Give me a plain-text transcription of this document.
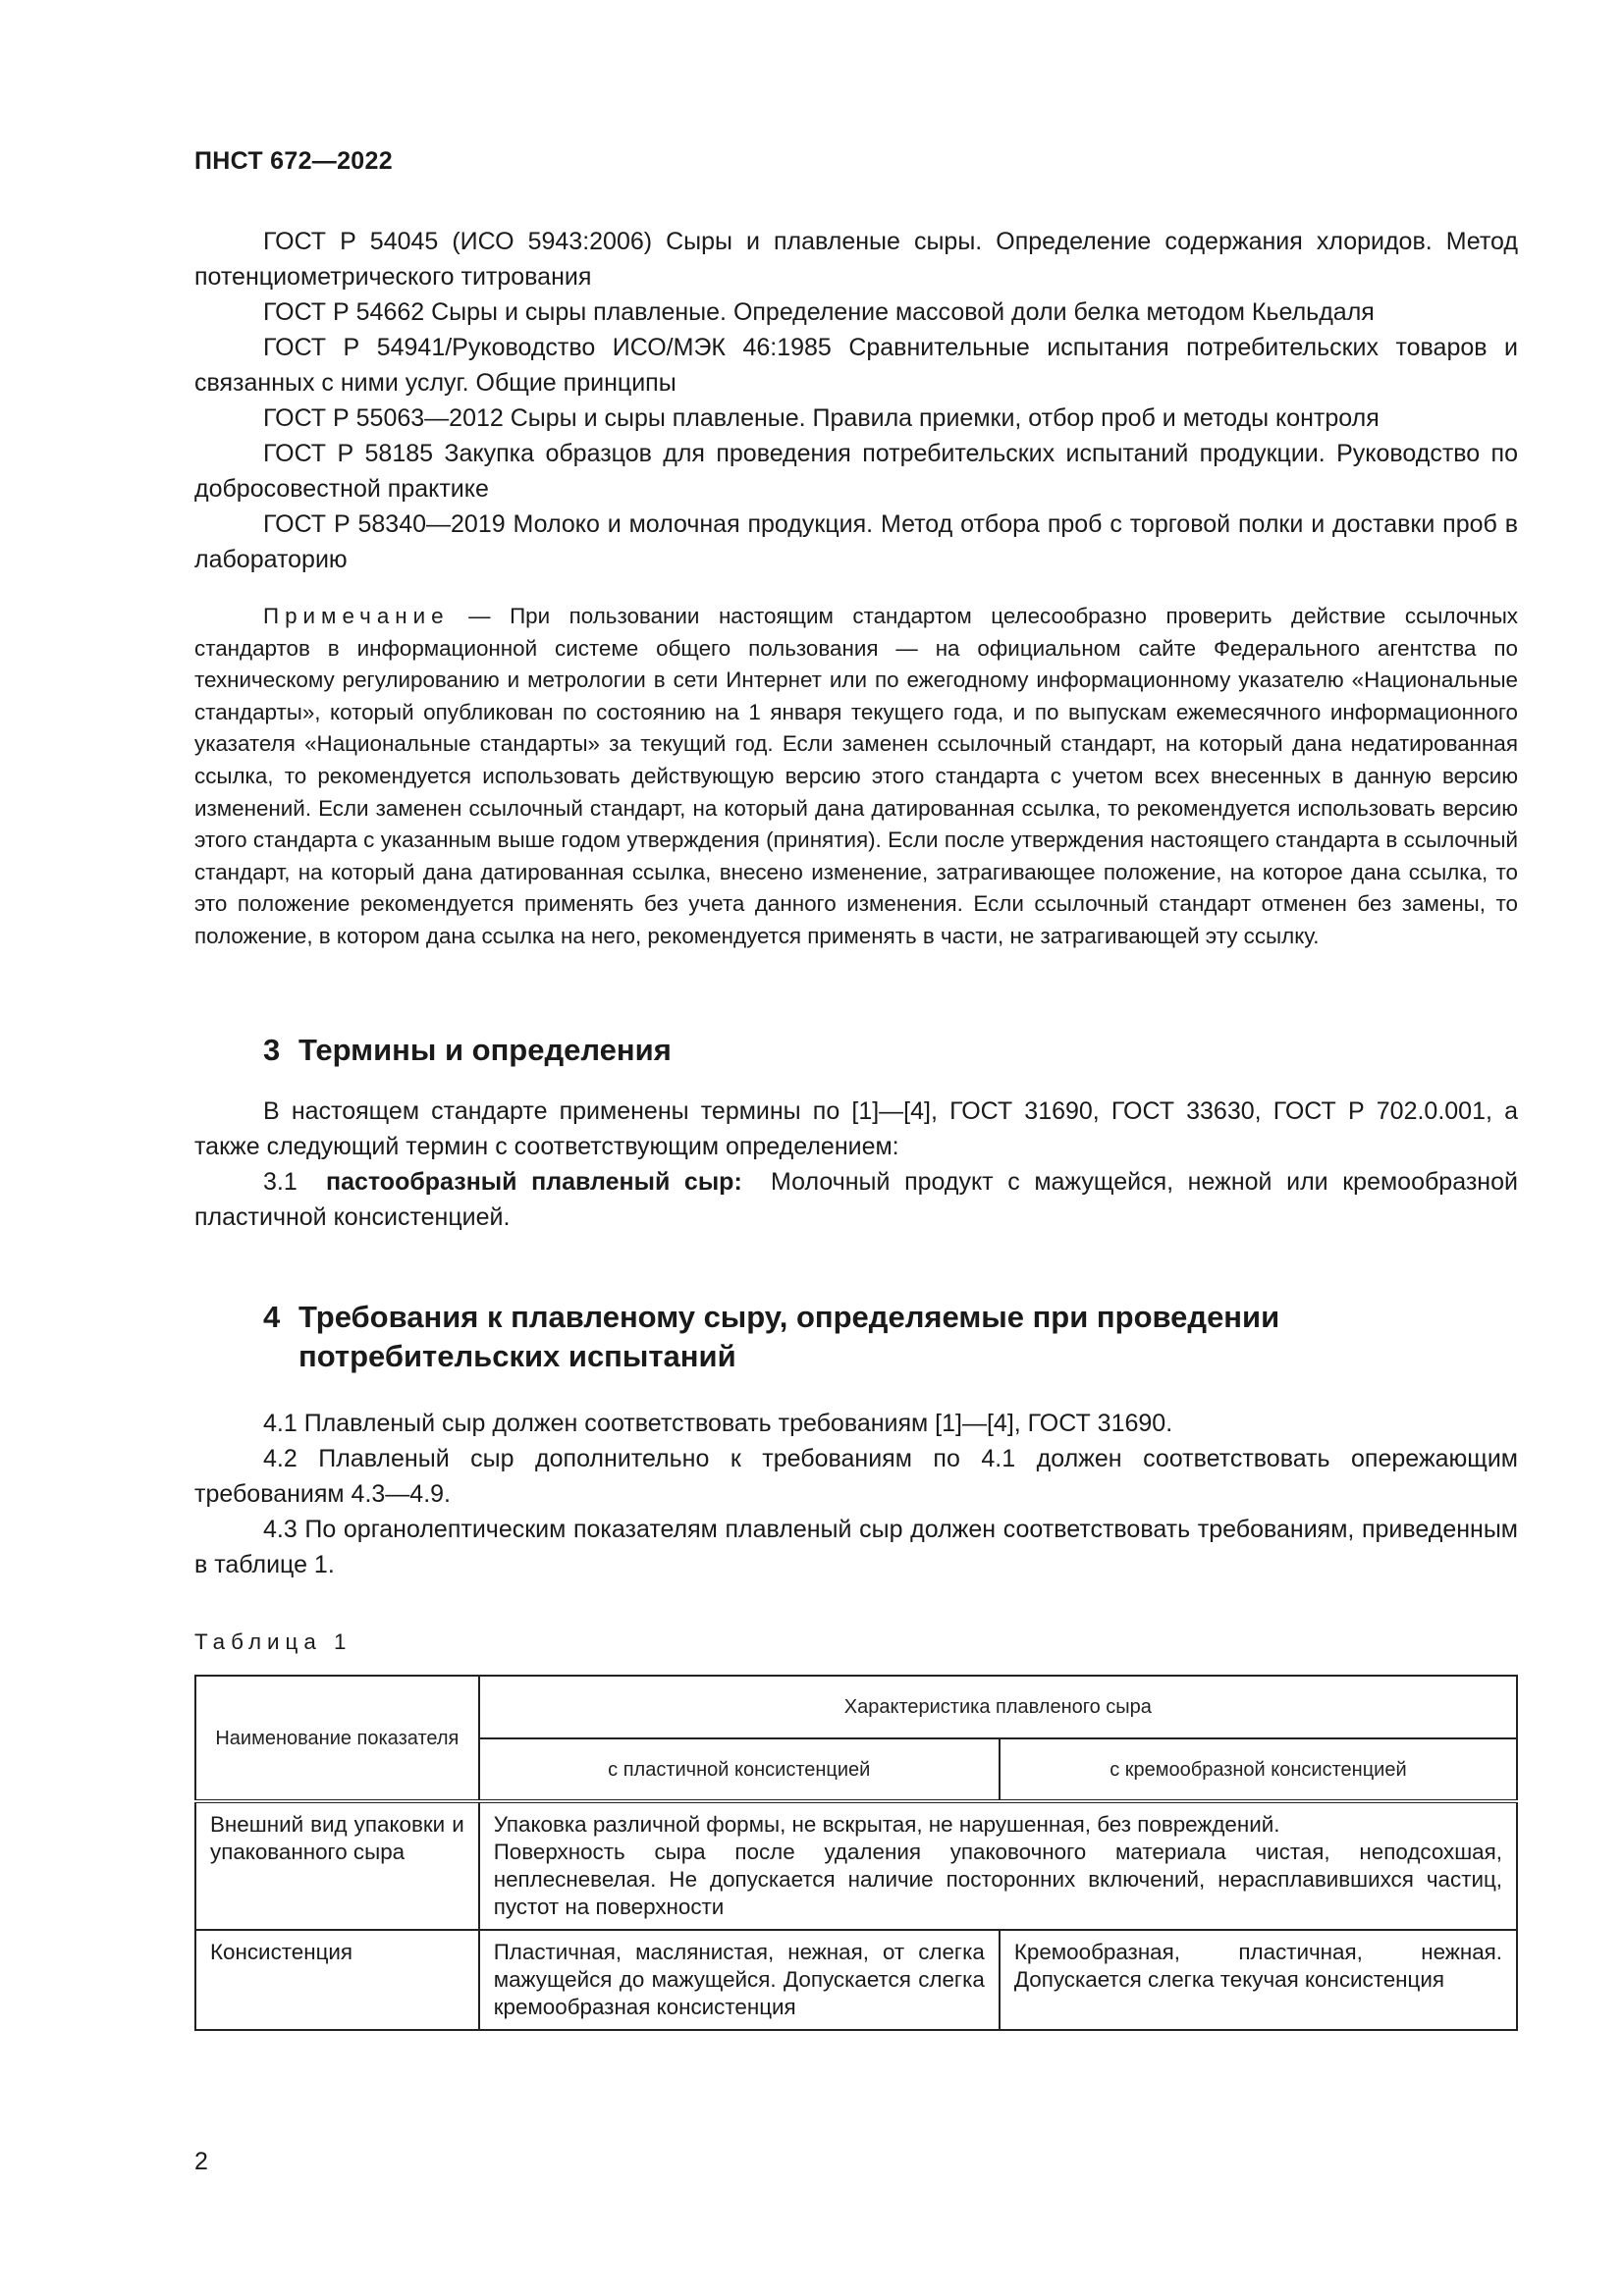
ПНСТ 672—2022

ГОСТ Р 54045 (ИСО 5943:2006) Сыры и плавленые сыры. Определение содержания хлоридов. Метод потенциометрического титрования

ГОСТ Р 54662 Сыры и сыры плавленые. Определение массовой доли белка методом Кьельдаля

ГОСТ Р 54941/Руководство ИСО/МЭК 46:1985 Сравнительные испытания потребительских товаров и связанных с ними услуг. Общие принципы

ГОСТ Р 55063—2012 Сыры и сыры плавленые. Правила приемки, отбор проб и методы контроля

ГОСТ Р 58185 Закупка образцов для проведения потребительских испытаний продукции. Руководство по добросовестной практике

ГОСТ Р 58340—2019 Молоко и молочная продукция. Метод отбора проб с торговой полки и доставки проб в лабораторию

Примечание — При пользовании настоящим стандартом целесообразно проверить действие ссылочных стандартов в информационной системе общего пользования — на официальном сайте Федерального агентства по техническому регулированию и метрологии в сети Интернет или по ежегодному информационному указателю «Национальные стандарты», который опубликован по состоянию на 1 января текущего года, и по выпускам ежемесячного информационного указателя «Национальные стандарты» за текущий год. Если заменен ссылочный стандарт, на который дана недатированная ссылка, то рекомендуется использовать действующую версию этого стандарта с учетом всех внесенных в данную версию изменений. Если заменен ссылочный стандарт, на который дана датированная ссылка, то рекомендуется использовать версию этого стандарта с указанным выше годом утверждения (принятия). Если после утверждения настоящего стандарта в ссылочный стандарт, на который дана датированная ссылка, внесено изменение, затрагивающее положение, на которое дана ссылка, то это положение рекомендуется применять без учета данного изменения. Если ссылочный стандарт отменен без замены, то положение, в котором дана ссылка на него, рекомендуется применять в части, не затрагивающей эту ссылку.

3 Термины и определения

В настоящем стандарте применены термины по [1]—[4], ГОСТ 31690, ГОСТ 33630, ГОСТ Р 702.0.001, а также следующий термин с соответствующим определением:

3.1 пастообразный плавленый сыр: Молочный продукт с мажущейся, нежной или кремообразной пластичной консистенцией.

4 Требования к плавленому сыру, определяемые при проведении
потребительских испытаний

4.1 Плавленый сыр должен соответствовать требованиям [1]—[4], ГОСТ 31690.

4.2 Плавленый сыр дополнительно к требованиям по 4.1 должен соответствовать опережающим требованиям 4.3—4.9.

4.3 По органолептическим показателям плавленый сыр должен соответствовать требованиям, приведенным в таблице 1.

Таблица 1
Наименование показателя	Характеристика плавленого сыра	
	с пластичной консистенцией	с кремообразной консистенцией
Внешний вид упаковки и упакованного сыра	Упаковка различной формы, не вскрытая, не нарушенная, без повреждений.
Поверхность сыра после удаления упаковочного материала чистая, неподсохшая, неплесневелая. Не допускается наличие посторонних включений, нерасплавившихся частиц, пустот на поверхности	
Консистенция	Пластичная, маслянистая, нежная, от слегка мажущейся до мажущейся. Допускается слегка кремообразная консистенция	Кремообразная, пластичная, нежная. Допускается слегка текучая консистенция
2
